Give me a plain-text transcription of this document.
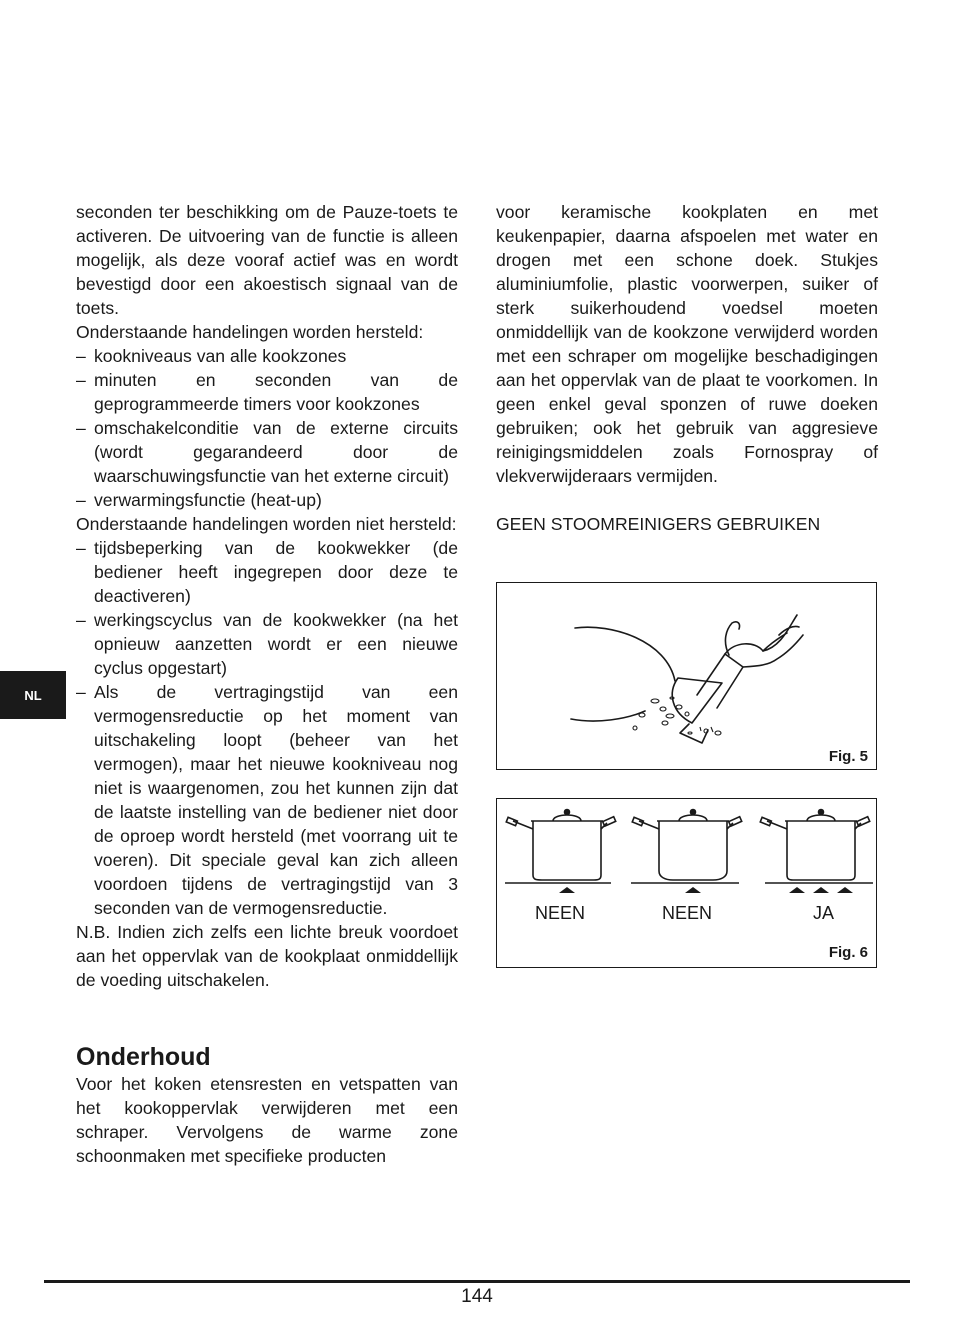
NL

seconden ter beschikking om de Pauze-toets te activeren. De uitvoering van de functie is alleen mogelijk, als deze vooraf actief was en wordt bevestigd door een akoestisch signaal van de toets.

Onderstaande handelingen worden hersteld:

– kookniveaus van alle kookzones
– minuten en seconden van de geprogrammeerde timers voor kookzones
– omschakelconditie van de externe circuits (wordt gegarandeerd door de waarschuwingsfunctie van het externe circuit)
– verwarmingsfunctie (heat-up)

Onderstaande handelingen worden niet hersteld:

– tijdsbeperking van de kookwekker (de bediener heeft ingegrepen door deze te deactiveren)
– werkingscyclus van de kookwekker (na het opnieuw aanzetten wordt er een nieuwe cyclus opgestart)
– Als de vertragingstijd van een vermogensreductie op het moment van uitschakeling loopt (beheer van het vermogen), maar het nieuwe kookniveau nog niet is waargenomen, zou het kunnen zijn dat de laatste instelling van de bediener niet door de oproep wordt hersteld (met voorrang uit te voeren). Dit speciale geval kan zich alleen voordoen tijdens de vertragingstijd van 3 seconden van de vermogensreductie.

N.B. Indien zich zelfs een lichte breuk voordoet aan het oppervlak van de kookplaat onmiddellijk de voeding uitschakelen.

Onderhoud

Voor het koken etensresten en vetspatten van het kookoppervlak verwijderen met een schraper. Vervolgens de warme zone schoonmaken met specifieke producten

voor keramische kookplaten en met keukenpapier, daarna afspoelen met water en drogen met een schone doek. Stukjes aluminiumfolie, plastic voorwerpen, suiker of sterk suikerhoudend voedsel moeten onmiddellijk van de kookzone verwijderd worden met een schraper om mogelijke beschadigingen aan het oppervlak van de plaat te voorkomen. In geen enkel geval sponzen of ruwe doeken gebruiken; ook het gebruik van aggresieve reinigingsmiddelen zoals Fornospray of vlekverwijderaars vermijden.

GEEN STOOMREINIGERS GEBRUIKEN

Fig. 5
NEEN	NEEN	JA
Fig. 6
144
